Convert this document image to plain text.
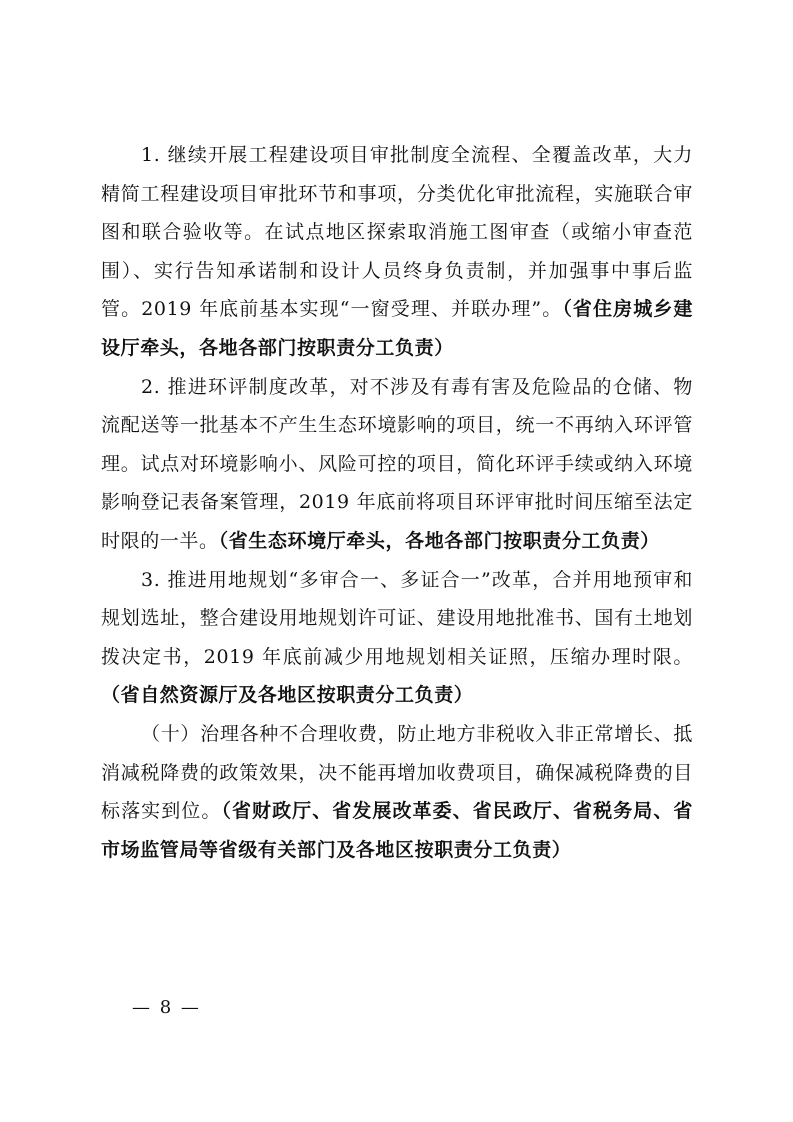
1. 继续开展工程建设项目审批制度全流程、全覆盖改革，大力精简工程建设项目审批环节和事项，分类优化审批流程，实施联合审图和联合验收等。在试点地区探索取消施工图审查（或缩小审查范围）、实行告知承诺制和设计人员终身负责制，并加强事中事后监管。2019 年底前基本实现“一窗受理、并联办理”。（省住房城乡建设厅牵头，各地各部门按职责分工负责）

2. 推进环评制度改革，对不涉及有毒有害及危险品的仓储、物流配送等一批基本不产生生态环境影响的项目，统一不再纳入环评管理。试点对环境影响小、风险可控的项目，简化环评手续或纳入环境影响登记表备案管理，2019 年底前将项目环评审批时间压缩至法定时限的一半。（省生态环境厅牵头，各地各部门按职责分工负责）

3. 推进用地规划“多审合一、多证合一”改革，合并用地预审和规划选址，整合建设用地规划许可证、建设用地批准书、国有土地划拨决定书，2019 年底前减少用地规划相关证照，压缩办理时限。（省自然资源厅及各地区按职责分工负责）

（十）治理各种不合理收费，防止地方非税收入非正常增长、抵消减税降费的政策效果，决不能再增加收费项目，确保减税降费的目标落实到位。（省财政厅、省发展改革委、省民政厅、省税务局、省市场监管局等省级有关部门及各地区按职责分工负责）

— 8 —
